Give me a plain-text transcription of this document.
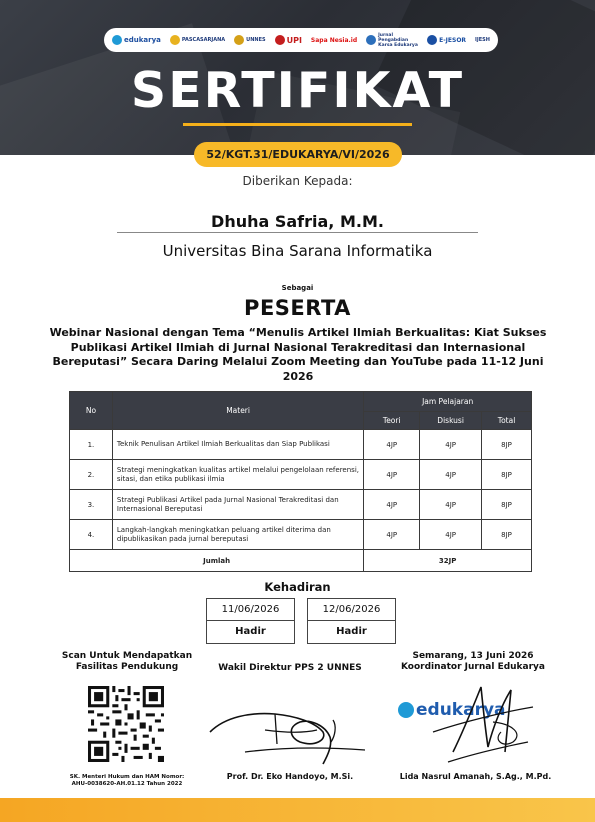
edukarya	PASCASARJANA	UNNES	UPI Sapa Nesia.id
Jurnal Pengabdian Karsa Edukarya
E-JESOR IJESH
SERTIFIKAT
52/KGT.31/EDUKARYA/VI/2026
Diberikan Kepada:
Dhuha Safria, M.M.
Universitas Bina Sarana Informatika
Sebagai
PESERTA
Webinar Nasional dengan Tema “Menulis Artikel Ilmiah Berkualitas: Kiat Sukses Publikasi Artikel Ilmiah di Jurnal Nasional Terakreditasi dan Internasional Bereputasi” Secara Daring Melalui Zoom Meeting dan YouTube pada 11-12 Juni 2026
No	Materi	Jam Pelajaran		
		Teori	Diskusi	Total
1.	Teknik Penulisan Artikel Ilmiah Berkualitas dan Siap Publikasi	4JP	4JP	8JP
2.	Strategi meningkatkan kualitas artikel melalui pengelolaan referensi, sitasi, dan etika publikasi ilmia	4JP	4JP	8JP
3.	Strategi Publikasi Artikel pada Jurnal Nasional Terakreditasi dan Internasional Bereputasi	4JP	4JP	8JP
4.	Langkah-langkah meningkatkan peluang artikel diterima dan dipublikasikan pada jurnal bereputasi	4JP	4JP	8JP
Jumlah		32JP		
Kehadiran
11/06/2026
Hadir
12/06/2026
Hadir
Scan Untuk Mendapatkan
Fasilitas Pendukung	Wakil Direktur PPS 2 UNNES
Semarang, 13 Juni 2026
Koordinator Jurnal Edukarya
SK. Menteri Hukum dan HAM Nomor:
AHU-0038620-AH.01.12 Tahun 2022
edukarya
Prof. Dr. Eko Handoyo, M.Si.	Lida Nasrul Amanah, S.Ag., M.Pd.
